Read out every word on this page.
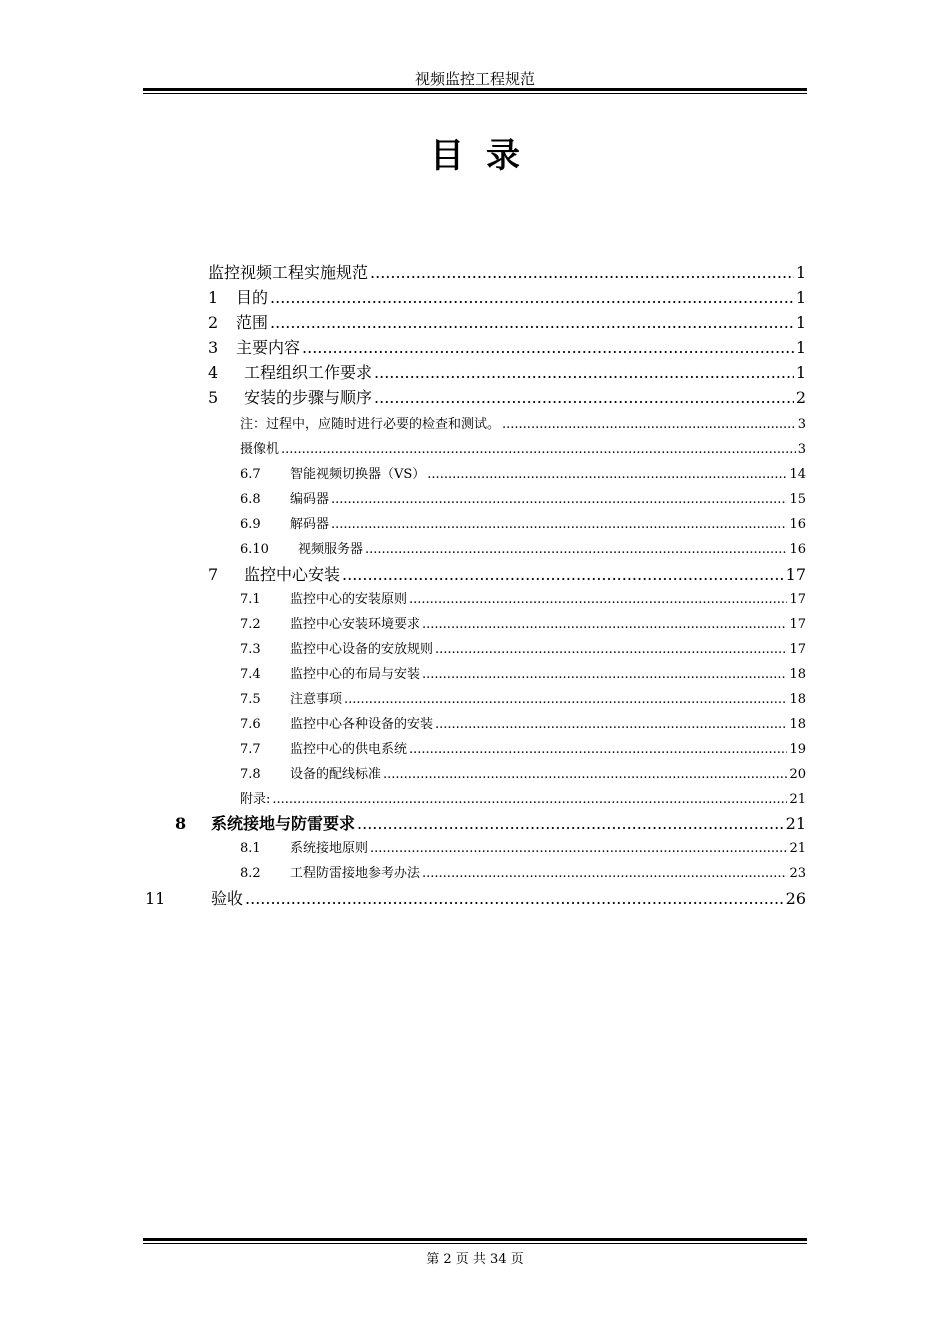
视频监控工程规范
目录
监控视频工程实施规范 .....	1
1	目的 .....	1
2	范围 .....	1
3	主要内容 .....	1
4	工程组织工作要求 .....	1
5	安装的步骤与顺序 .....	2
注：过程中，应随时进行必要的检查和测试。 .....	3
摄像机 .....	3
6.7	智能视频切换器（VS） .....	14
6.8	编码器 .....	15
6.9	解码器 .....	16
6.10	视频服务器 .....	16
7	监控中心安装 .....	17
7.1	监控中心的安装原则 .....	17
7.2	监控中心安装环境要求 .....	17
7.3	监控中心设备的安放规则 .....	17
7.4	监控中心的布局与安装 .....	18
7.5	注意事项 .....	18
7.6	监控中心各种设备的安装 .....	18
7.7	监控中心的供电系统 .....	19
7.8	设备的配线标准 .....	20
附录: .....	21
8	系统接地与防雷要求 .....	21
8.1	系统接地原则 .....	21
8.2	工程防雷接地参考办法 .....	23
11	验收 .....	26
第 2 页 共 34 页
